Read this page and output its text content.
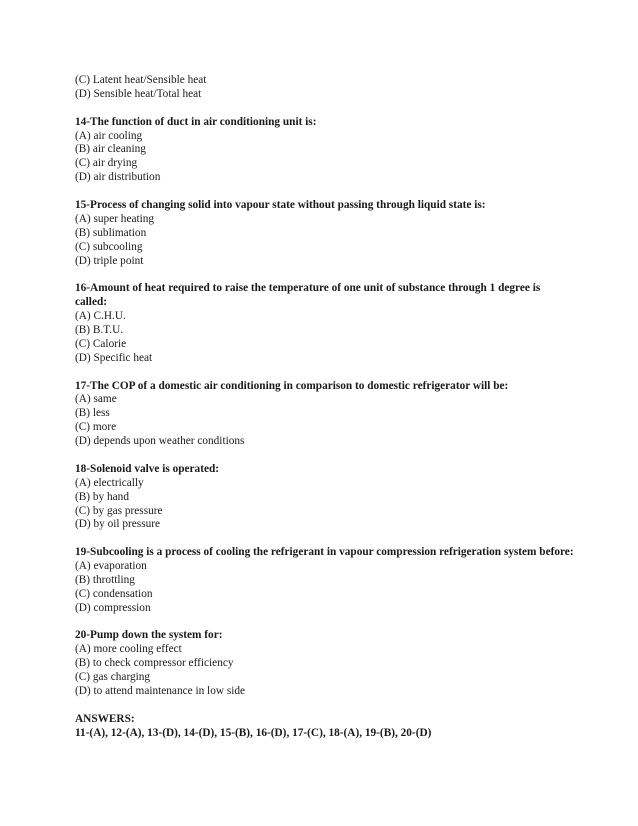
(C) Latent heat/Sensible heat
(D) Sensible heat/Total heat
14-The function of duct in air conditioning unit is:
(A) air cooling
(B) air cleaning
(C) air drying
(D) air distribution
15-Process of changing solid into vapour state without passing through liquid state is:
(A) super heating
(B) sublimation
(C) subcooling
(D) triple point
16-Amount of heat required to raise the temperature of one unit of substance through 1 degree is called:
(A) C.H.U.
(B) B.T.U.
(C) Calorie
(D) Specific heat
17-The COP of a domestic air conditioning in comparison to domestic refrigerator will be:
(A) same
(B) less
(C) more
(D) depends upon weather conditions
18-Solenoid valve is operated:
(A) electrically
(B) by hand
(C) by gas pressure
(D) by oil pressure
19-Subcooling is a process of cooling the refrigerant in vapour compression refrigeration system before:
(A) evaporation
(B) throttling
(C) condensation
(D) compression
20-Pump down the system for:
(A) more cooling effect
(B) to check compressor efficiency
(C) gas charging
(D) to attend maintenance in low side
ANSWERS:
11-(A), 12-(A), 13-(D), 14-(D), 15-(B), 16-(D), 17-(C), 18-(A), 19-(B), 20-(D)
